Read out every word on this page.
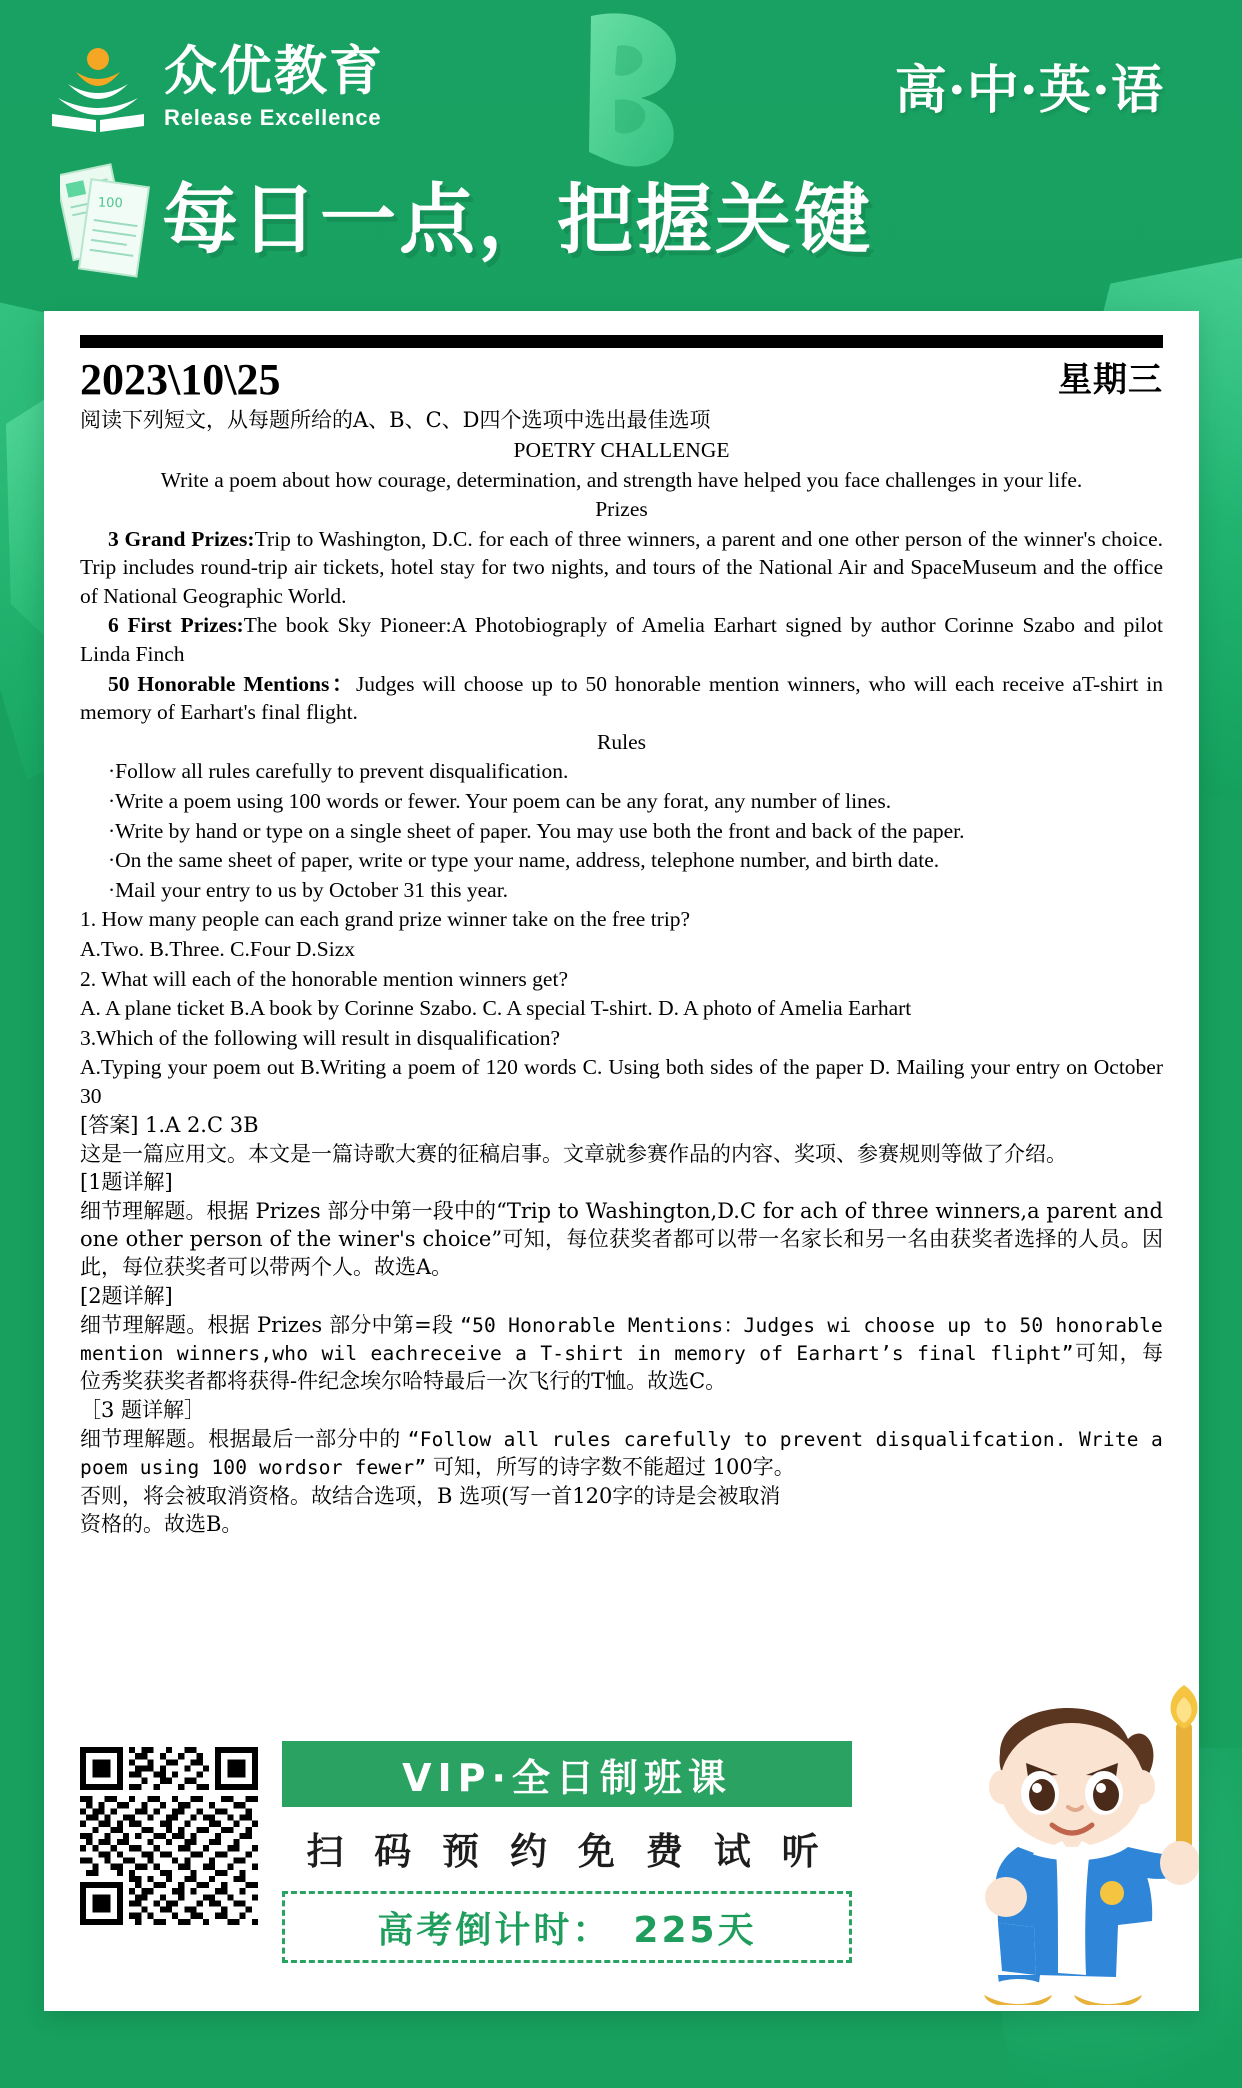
众优教育
Release Excellence	高·中·英·语
100 每日一点，把握关键
2023\10\25	星期三

阅读下列短文，从每题所给的A、B、C、D四个选项中选出最佳选项

POETRY CHALLENGE

Write a poem about how courage, determination, and strength have helped you face challenges in your life.

Prizes

3 Grand Prizes:Trip to Washington, D.C. for each of three winners, a parent and one other person of the winner's choice. Trip includes round-trip air tickets, hotel stay for two nights, and tours of the National Air and SpaceMuseum and the office of National Geographic World.

6 First Prizes:The book Sky Pioneer:A Photobiograply of Amelia Earhart signed by author Corinne Szabo and pilot Linda Finch

50 Honorable Mentions：Judges will choose up to 50 honorable mention winners, who will each receive aT-shirt in memory of Earhart's final flight.

Rules

·Follow all rules carefully to prevent disqualification.

·Write a poem using 100 words or fewer. Your poem can be any forat, any number of lines.

·Write by hand or type on a single sheet of paper. You may use both the front and back of the paper.

·On the same sheet of paper, write or type your name, address, telephone number, and birth date.

·Mail your entry to us by October 31 this year.

1. How many people can each grand prize winner take on the free trip?

A.Two. B.Three. C.Four D.Sizx

2. What will each of the honorable mention winners get?

A. A plane ticket B.A book by Corinne Szabo. C. A special T-shirt. D. A photo of Amelia Earhart

3.Which of the following will result in disqualification?

A.Typing your poem out B.Writing a poem of 120 words C. Using both sides of the paper D. Mailing your entry on October 30

[答案] 1.A 2.C 3B

这是一篇应用文。本文是一篇诗歌大赛的征稿启事。文章就参赛作品的内容、奖项、参赛规则等做了介绍。

[1题详解]

细节理解题。根据 Prizes 部分中第一段中的“Trip to Washington,D.C for ach of three winners,a parent and one other person of the winer's choice”可知，每位获奖者都可以带一名家长和另一名由获奖者选择的人员。因此，每位获奖者可以带两个人。故选A。

[2题详解]

细节理解题。根据 Prizes 部分中第=段 “50 Honorable Mentions：Judges wi choose up to 50 honorable mention winners,who wil eachreceive a T-shirt in memory of Earhart’s final flipht”可知，每位秀奖获奖者都将获得-件纪念埃尔哈特最后一次飞行的T恤。故选C。

［3 题详解］

细节理解题。根据最后一部分中的 “Follow all rules carefully to prevent disqualifcation. Write a poem using 100 wordsor fewer” 可知，所写的诗字数不能超过 100字。

否则，将会被取消资格。故结合选项，B 选项(写一首120字的诗是会被取消

资格的。故选B。

VIP·全日制班课
扫 码 预 约 免 费 试 听
高考倒计时： 225天
